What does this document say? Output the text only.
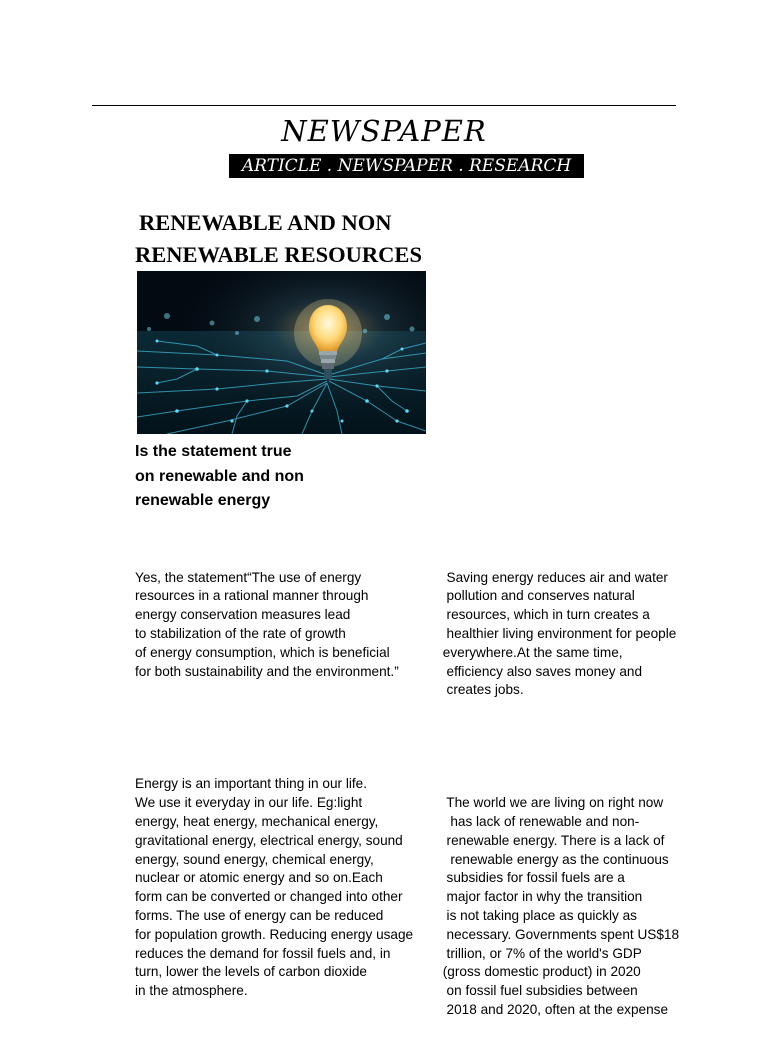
NEWSPAPER
ARTICLE . NEWSPAPER . RESEARCH
RENEWABLE AND NON
RENEWABLE RESOURCES
Is the statement true
on renewable and non
renewable energy

Yes, the statement“The use of energy
resources in a rational manner through
energy conservation measures lead
to stabilization of the rate of growth
of energy consumption, which is beneficial
for both sustainability and the environment.”

Energy is an important thing in our life.
We use it everyday in our life. Eg:light
energy, heat energy, mechanical energy,
gravitational energy, electrical energy, sound
energy, sound energy, chemical energy,
nuclear or atomic energy and so on.Each
form can be converted or changed into other
forms. The use of energy can be reduced
for population growth. Reducing energy usage
reduces the demand for fossil fuels and, in
turn, lower the levels of carbon dioxide
in the atmosphere.

Saving energy reduces air and water
pollution and conserves natural
resources, which in turn creates a
healthier living environment for people
everywhere.At the same time,
efficiency also saves money and
creates jobs.

The world we are living on right now
has lack of renewable and non-
renewable energy. There is a lack of
renewable energy as the continuous
subsidies for fossil fuels are a
major factor in why the transition
is not taking place as quickly as
necessary. Governments spent US$18
trillion, or 7% of the world's GDP
(gross domestic product) in 2020
on fossil fuel subsidies between
2018 and 2020, often at the expense
